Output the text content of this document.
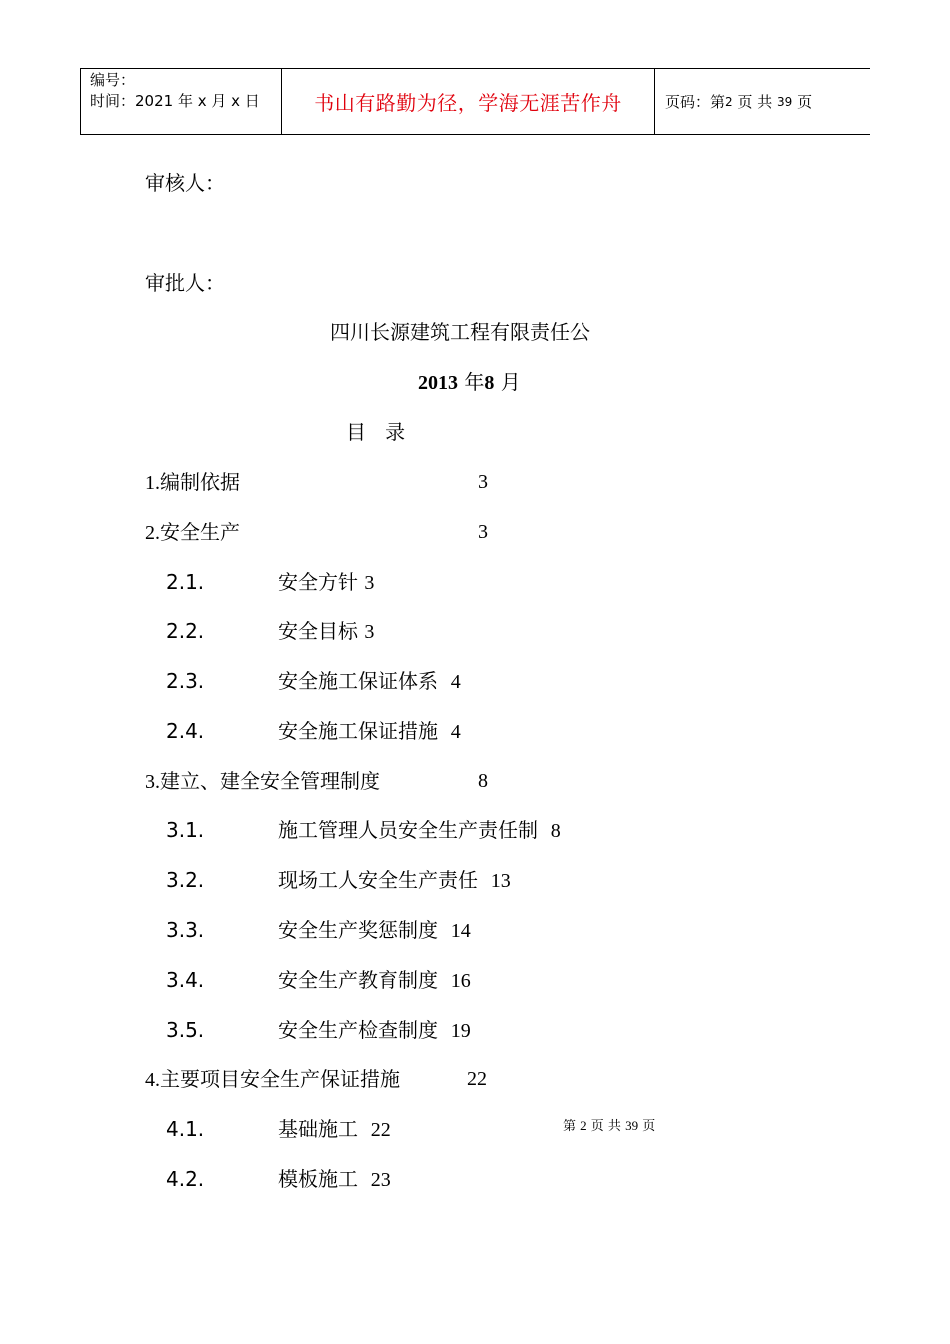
编号：
时间：2021 年 x 月 x 日	书山有路勤为径，学海无涯苦作舟	页码：第 2
页 共
39
页
审核人：
审批人：
四川长源建筑工程有限责任公
2013 年8 月
目   录
1.编制依据	3
2.安全生产	3
2.1.	安全方针 3
2.2.	安全目标 3
2.3.	安全施工保证体系 4
2.4.	安全施工保证措施 4
3.建立、建全安全管理制度	8
3.1.	施工管理人员安全生产责任制 8
3.2.	现场工人安全生产责任 13
3.3.	安全生产奖惩制度 14
3.4.	安全生产教育制度 16
3.5.	安全生产检查制度 19
4.主要项目安全生产保证措施	22
4.1.	基础施工 22
4.2.	模板施工 23
第 2 页 共 39 页
